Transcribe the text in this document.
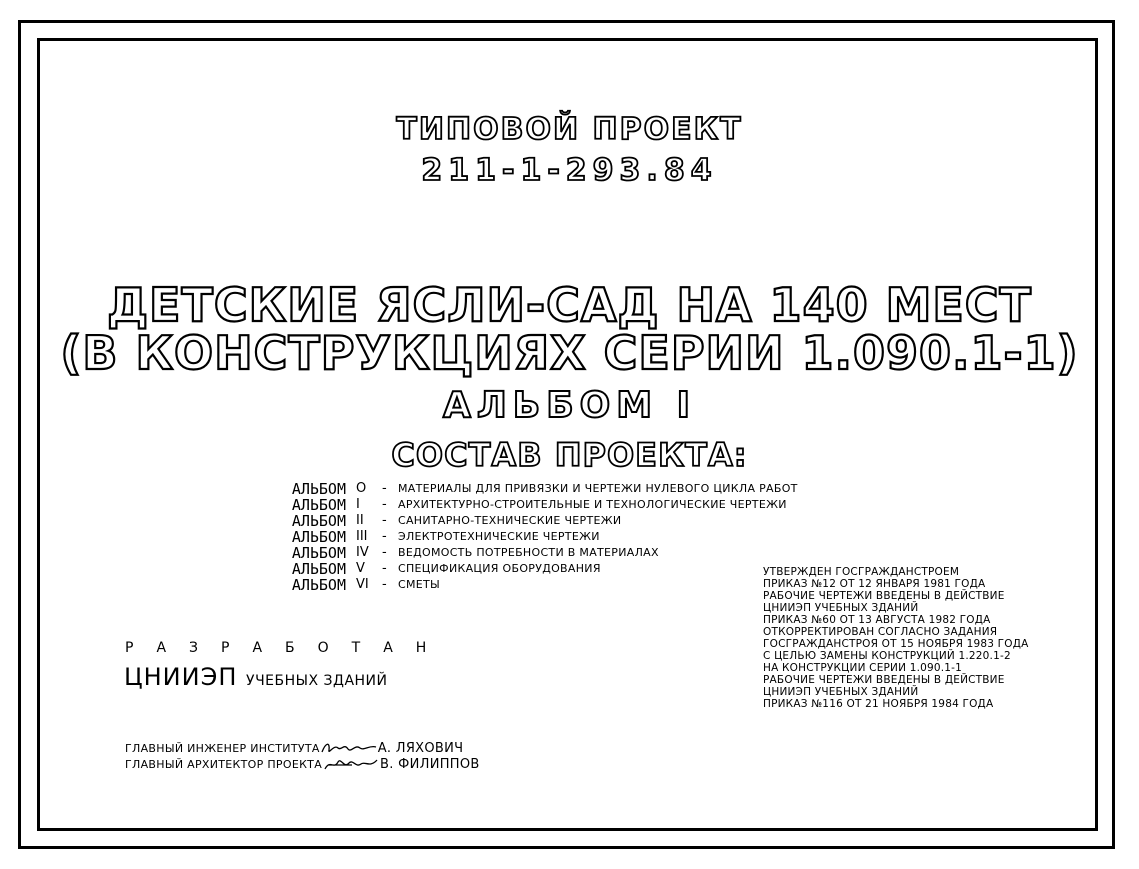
ТИПОВОЙ ПРОЕКТ
211-1-293.84
ДЕТСКИЕ ЯСЛИ-САД НА 140 МЕСТ
(В КОНСТРУКЦИЯХ СЕРИИ 1.090.1-1)
АЛЬБОМ I
СОСТАВ ПРОЕКТА:
АЛЬБОМ О	- МАТЕРИАЛЫ ДЛЯ ПРИВЯЗКИ И ЧЕРТЕЖИ НУЛЕВОГО ЦИКЛА РАБОТ
АЛЬБОМ I	- АРХИТЕКТУРНО-СТРОИТЕЛЬНЫЕ И ТЕХНОЛОГИЧЕСКИЕ ЧЕРТЕЖИ
АЛЬБОМ II	- САНИТАРНО-ТЕХНИЧЕСКИЕ ЧЕРТЕЖИ
АЛЬБОМ III	- ЭЛЕКТРОТЕХНИЧЕСКИЕ ЧЕРТЕЖИ
АЛЬБОМ IV	- ВЕДОМОСТЬ ПОТРЕБНОСТИ В МАТЕРИАЛАХ
АЛЬБОМ V	- СПЕЦИФИКАЦИЯ ОБОРУДОВАНИЯ
АЛЬБОМ VI	- СМЕТЫ
РАЗРАБОТАН
ЦНИИЭП УЧЕБНЫХ ЗДАНИЙ
ГЛАВНЫЙ ИНЖЕНЕР ИНСТИТУТА	А. ЛЯХОВИЧ
ГЛАВНЫЙ АРХИТЕКТОР ПРОЕКТА	В. ФИЛИППОВ
УТВЕРЖДЕН ГОСГРАЖДАНСТРОЕМ
ПРИКАЗ №12 ОТ 12 ЯНВАРЯ 1981 ГОДА
РАБОЧИЕ ЧЕРТЕЖИ ВВЕДЕНЫ В ДЕЙСТВИЕ
ЦНИИЭП УЧЕБНЫХ ЗДАНИЙ
ПРИКАЗ №60 ОТ 13 АВГУСТА 1982 ГОДА
ОТКОРРЕКТИРОВАН СОГЛАСНО ЗАДАНИЯ
ГОСГРАЖДАНСТРОЯ ОТ 15 НОЯБРЯ 1983 ГОДА
С ЦЕЛЬЮ ЗАМЕНЫ КОНСТРУКЦИЙ 1.220.1-2
НА КОНСТРУКЦИИ СЕРИИ 1.090.1-1
РАБОЧИЕ ЧЕРТЕЖИ ВВЕДЕНЫ В ДЕЙСТВИЕ
ЦНИИЭП УЧЕБНЫХ ЗДАНИЙ
ПРИКАЗ №116 ОТ 21 НОЯБРЯ 1984 ГОДА
